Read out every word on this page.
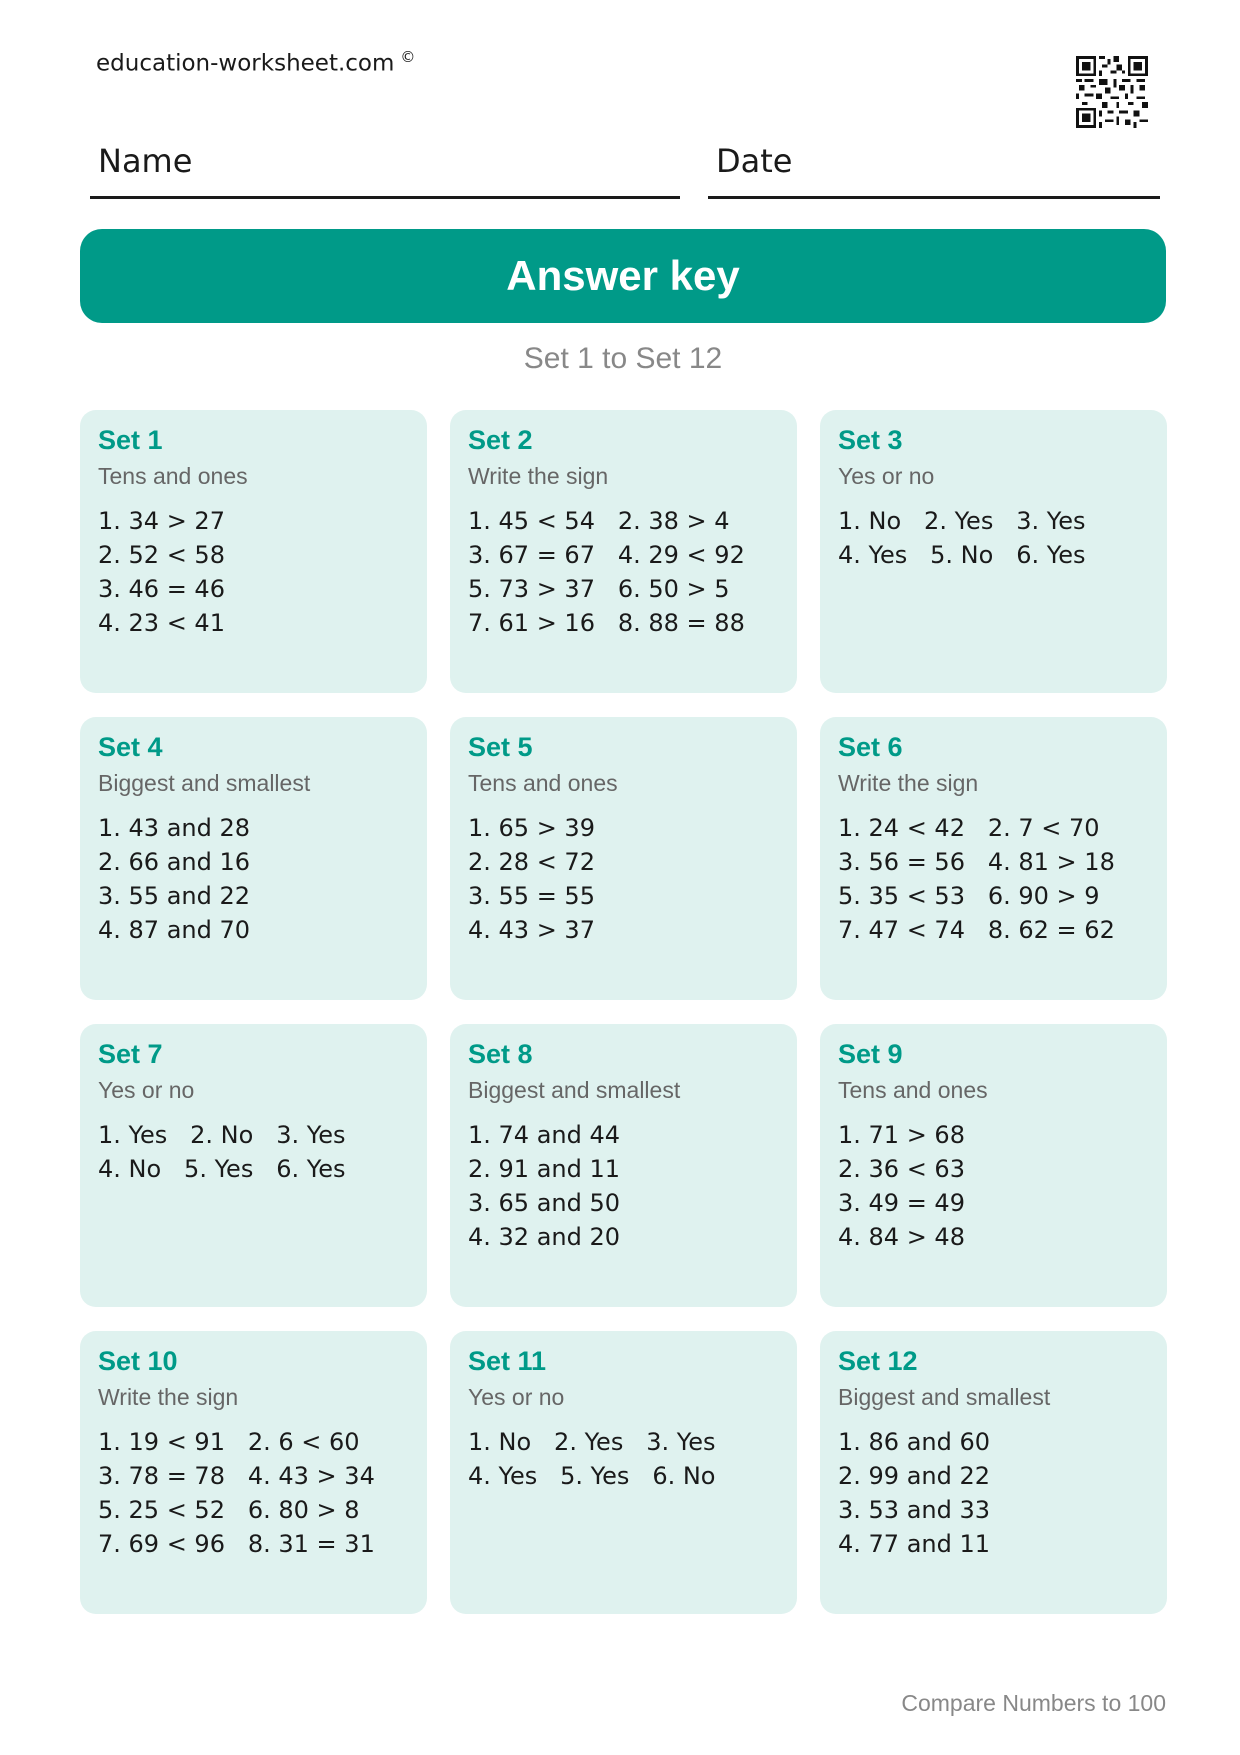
education-worksheet.com ©
Name	Date
Answer key
Set 1 to Set 12
Set 1
Tens and ones
1. 34 > 27
2. 52 < 58
3. 46 = 46
4. 23 < 41
Set 2
Write the sign
1. 45 < 54   2. 38 > 4
3. 67 = 67   4. 29 < 92
5. 73 > 37   6. 50 > 5
7. 61 > 16   8. 88 = 88
Set 3
Yes or no
1. No   2. Yes   3. Yes
4. Yes   5. No   6. Yes
Set 4
Biggest and smallest
1. 43 and 28
2. 66 and 16
3. 55 and 22
4. 87 and 70
Set 5
Tens and ones
1. 65 > 39
2. 28 < 72
3. 55 = 55
4. 43 > 37
Set 6
Write the sign
1. 24 < 42   2. 7 < 70
3. 56 = 56   4. 81 > 18
5. 35 < 53   6. 90 > 9
7. 47 < 74   8. 62 = 62
Set 7
Yes or no
1. Yes   2. No   3. Yes
4. No   5. Yes   6. Yes
Set 8
Biggest and smallest
1. 74 and 44
2. 91 and 11
3. 65 and 50
4. 32 and 20
Set 9
Tens and ones
1. 71 > 68
2. 36 < 63
3. 49 = 49
4. 84 > 48
Set 10
Write the sign
1. 19 < 91   2. 6 < 60
3. 78 = 78   4. 43 > 34
5. 25 < 52   6. 80 > 8
7. 69 < 96   8. 31 = 31
Set 11
Yes or no
1. No   2. Yes   3. Yes
4. Yes   5. Yes   6. No
Set 12
Biggest and smallest
1. 86 and 60
2. 99 and 22
3. 53 and 33
4. 77 and 11
Compare Numbers to 100
